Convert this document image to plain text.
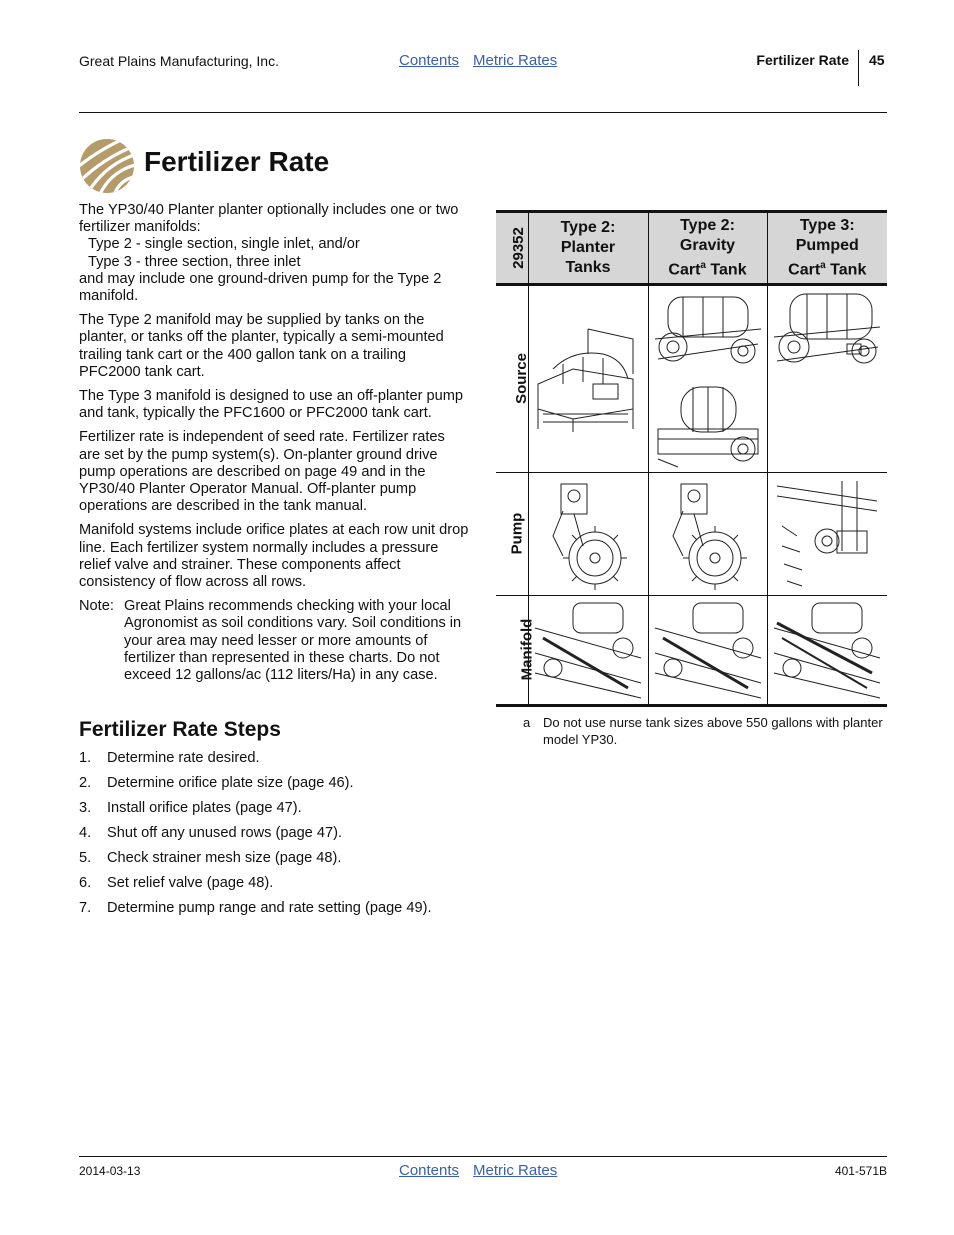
Great Plains Manufacturing, Inc.	Contents Metric Rates	Fertilizer Rate 45
Fertilizer Rate

The YP30/40 Planter planter optionally includes one or two fertilizer manifolds:
Type 2 - single section, single inlet, and/or
Type 3 - three section, three inlet
and may include one ground-driven pump for the Type 2 manifold.

The Type 2 manifold may be supplied by tanks on the planter, or tanks off the planter, typically a semi-mounted trailing tank cart or the 400 gallon tank on a trailing PFC2000 tank cart.

The Type 3 manifold is designed to use an off-planter pump and tank, typically the PFC1600 or PFC2000 tank cart.

Fertilizer rate is independent of seed rate. Fertilizer rates are set by the pump system(s). On-planter ground drive pump operations are described on page 49 and in the YP30/40 Planter Operator Manual. Off-planter pump operations are described in the tank manual.

Manifold systems include orifice plates at each row unit drop line. Each fertilizer system normally includes a pressure relief valve and strainer. These components affect consistency of flow across all rows.

Note: Great Plains recommends checking with your local Agronomist as soil conditions vary. Soil conditions in your area may need lesser or more amounts of fertilizer than represented in these charts. Do not exceed 12 gallons/ac (112 liters/Ha) in any case.
Fertilizer Rate Steps
1.	Determine rate desired.
2.	Determine orifice plate size (page 46).
3.	Install orifice plates (page 47).
4.	Shut off any unused rows (page 47).
5.	Check strainer mesh size (page 48).
6.	Set relief valve (page 48).
7.	Determine pump range and rate setting (page 49).
29352	Type 2:
Planter
Tanks	Type 2:
Gravity
Cart$^a$ Tank	Type 3:
Pumped
Cart$^a$ Tank
Source	

Pump	

Manifold	

a Do not use nurse tank sizes above 550 gallons with planter model YP30.
2014-03-13	Contents Metric Rates	401-571B
